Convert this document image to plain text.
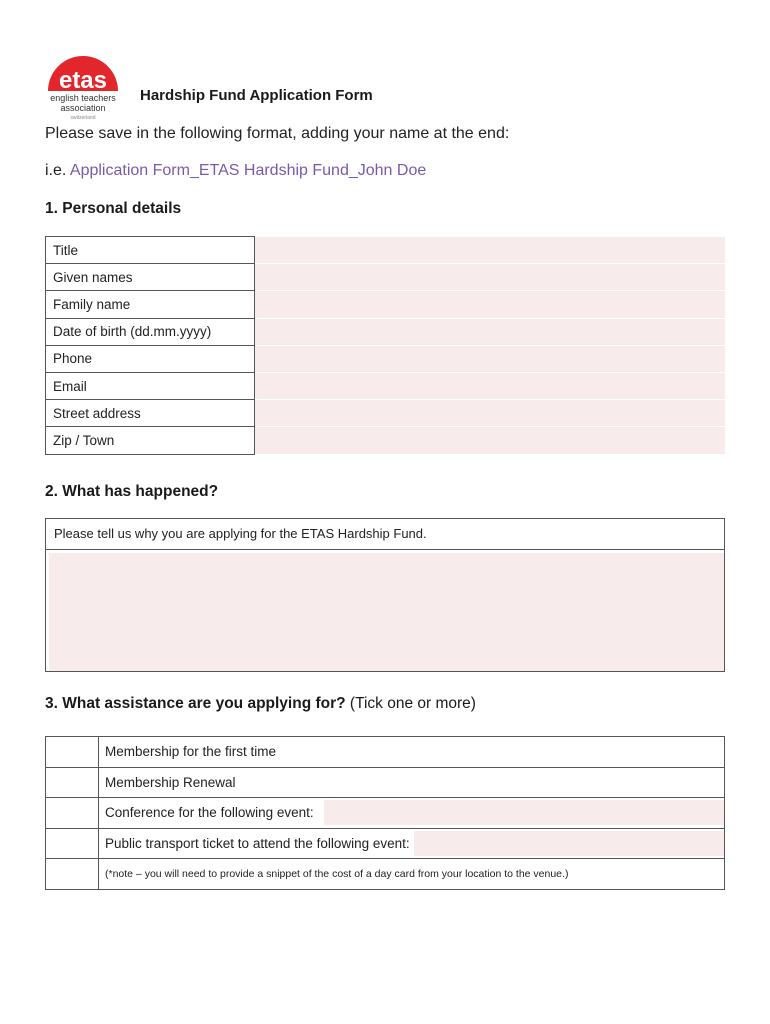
etas
english teachers
association
switzerland
Hardship Fund Application Form
Please save in the following format, adding your name at the end:
i.e. Application Form_ETAS Hardship Fund_John Doe
1. Personal details
Title	
Given names	
Family name	
Date of birth (dd.mm.yyyy)	
Phone	
Email	
Street address	
Zip / Town	
2. What has happened?
Please tell us why you are applying for the ETAS Hardship Fund.
3. What assistance are you applying for? (Tick one or more)
	Membership for the first time
	Membership Renewal

	Conference for the following event:

	Public transport ticket to attend the following event:

	(*note – you will need to provide a snippet of the cost of a day card from your location to the venue.)
